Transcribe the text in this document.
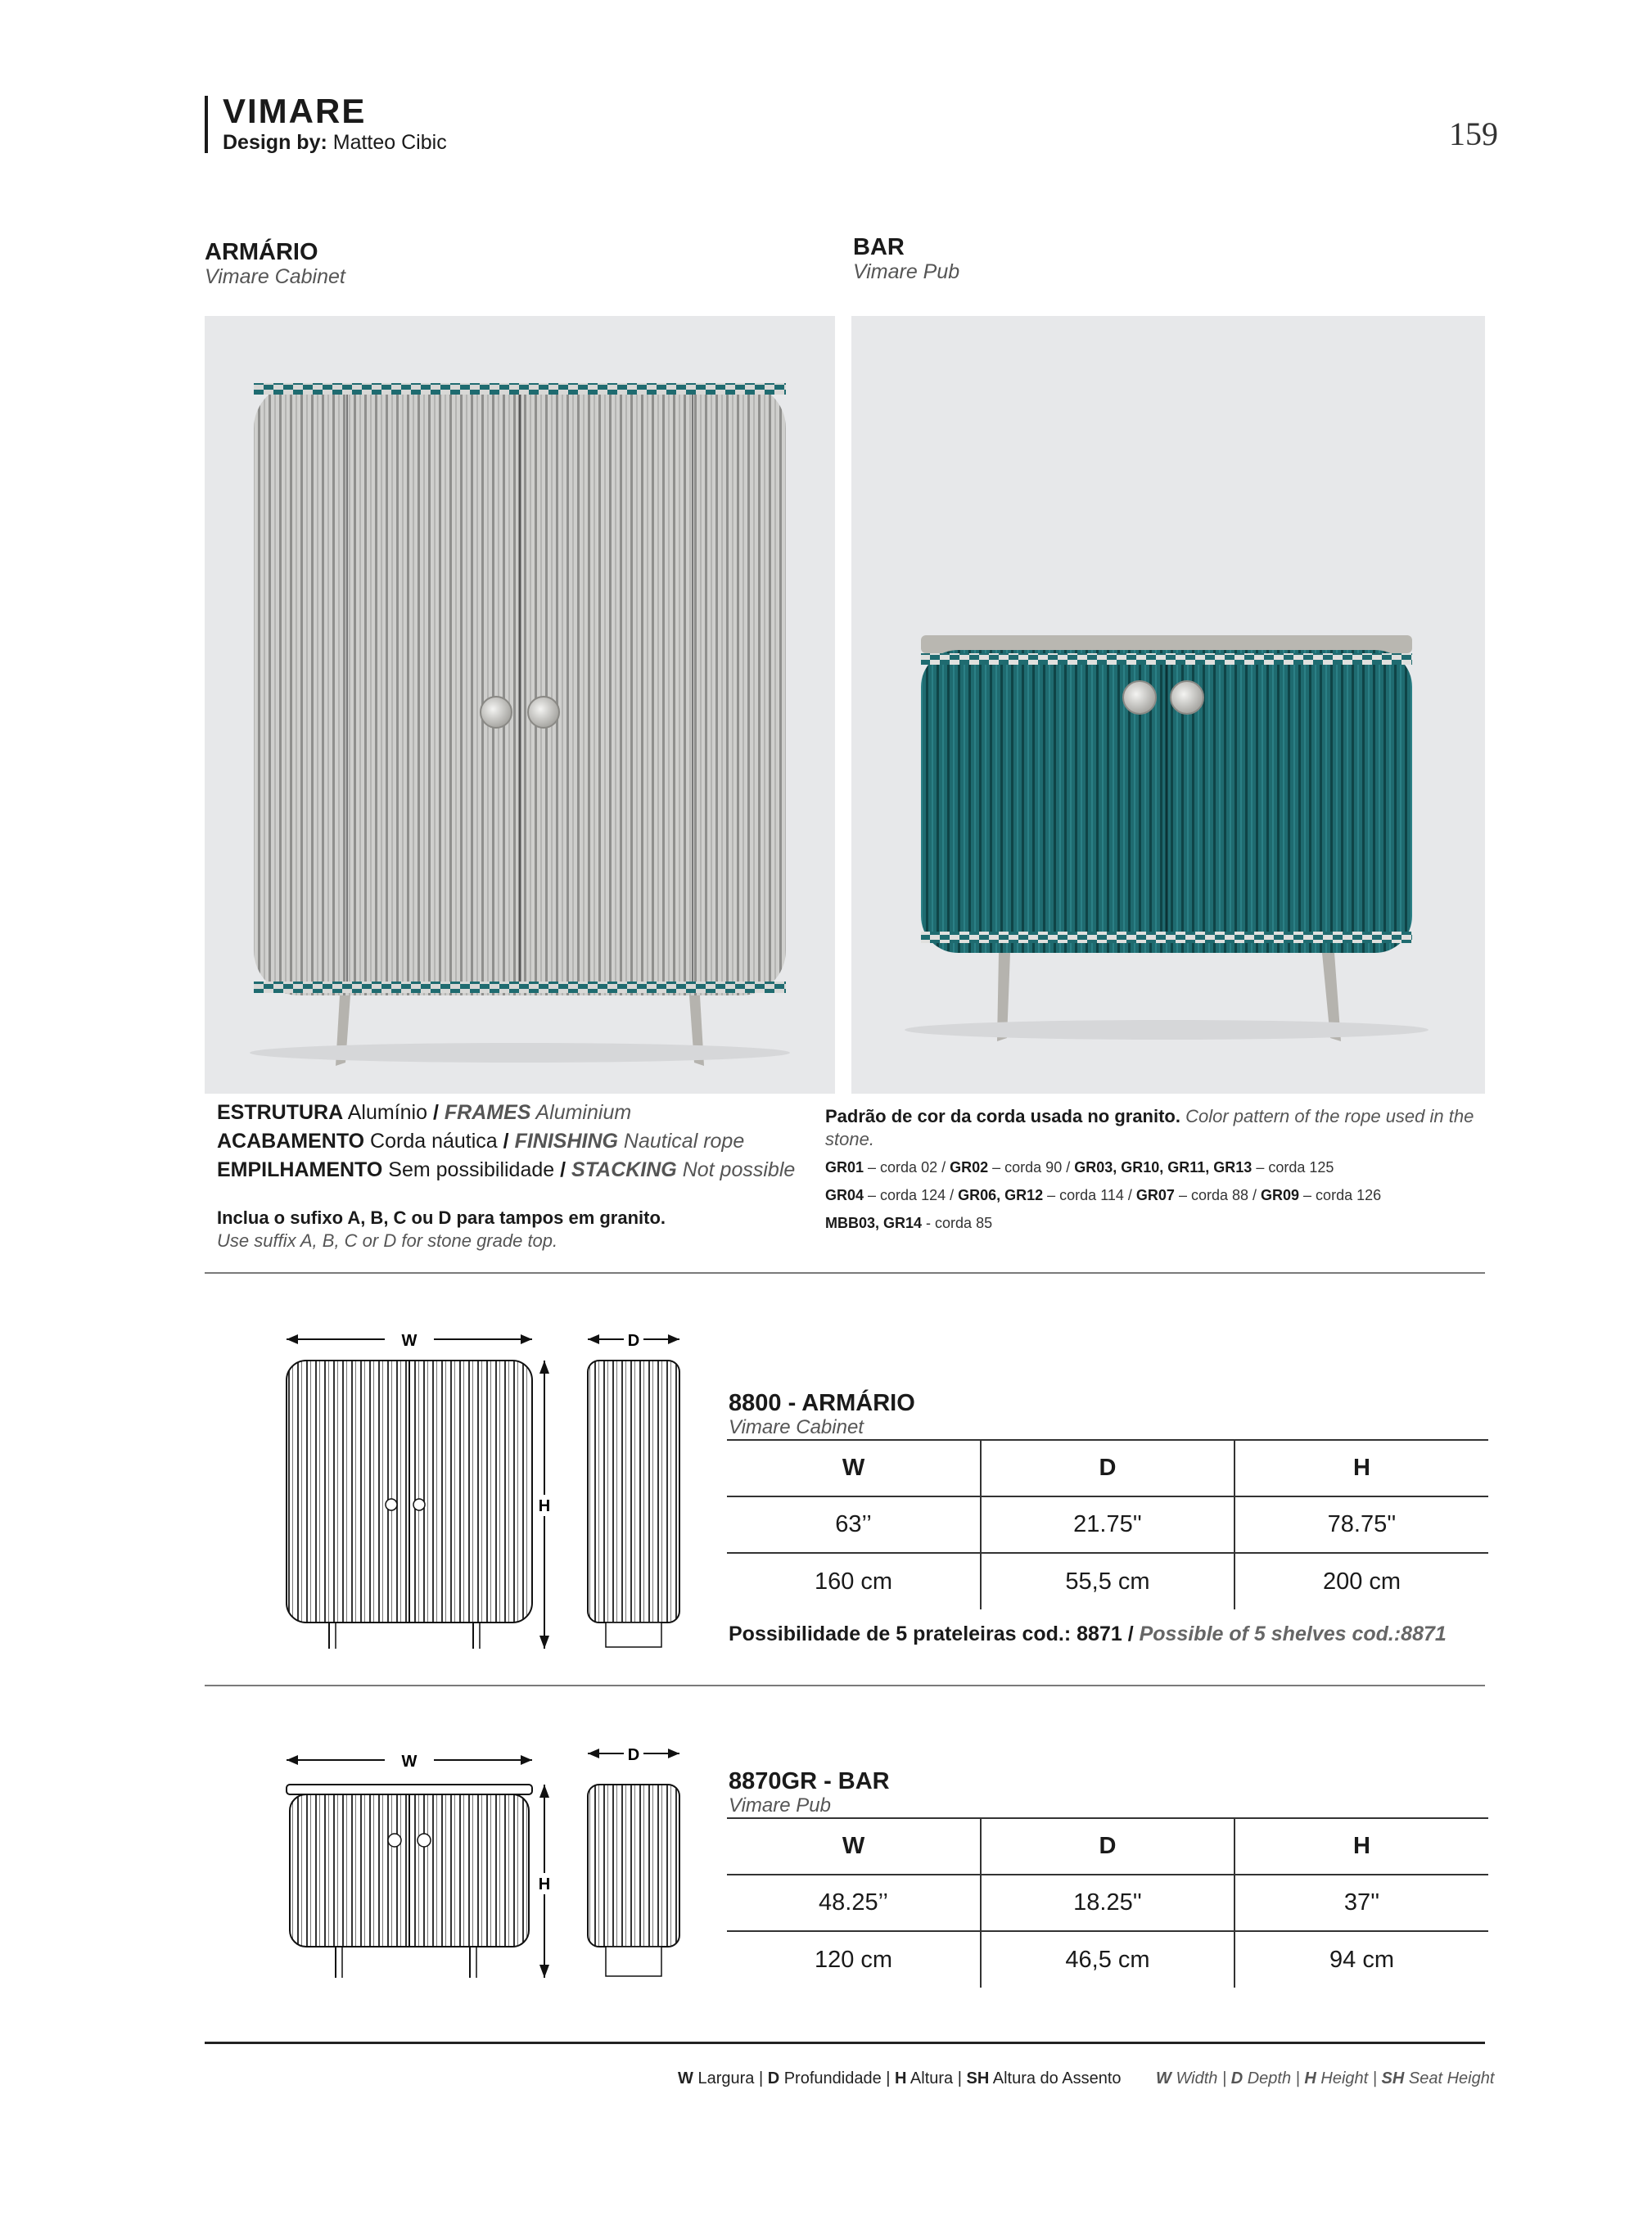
VIMARE
Design by: Matteo Cibic	159
ARMÁRIO
Vimare Cabinet
BAR
Vimare Pub
ESTRUTURA Alumínio / FRAMES Aluminium
ACABAMENTO Corda náutica / FINISHING Nautical rope
EMPILHAMENTO Sem possibilidade / STACKING Not possible
Inclua o sufixo A, B, C ou D para tampos em granito.
Use suffix A, B, C or D for stone grade top.
Padrão de cor da corda usada no granito. Color pattern of the rope used in the stone.
GR01 – corda 02 / GR02 – corda 90 / GR03, GR10, GR11, GR13 – corda 125
GR04 – corda 124 / GR06, GR12 – corda 114 / GR07 – corda 88 / GR09 – corda 126
MBB03, GR14 - corda 85
W
H
D
8800 - ARMÁRIO
Vimare Cabinet
W	D	H
63’’	21.75''	78.75''
160 cm	55,5 cm	200 cm
Possibilidade de 5 prateleiras cod.: 8871 / Possible of 5 shelves cod.:8871
W
H
D
8870GR - BAR
Vimare Pub
W	D	H
48.25’’	18.25''	37''
120 cm	46,5 cm	94 cm
W Largura | D Profundidade | H Altura | SH Altura do Assento W Width | D Depth | H Height | SH Seat Height
